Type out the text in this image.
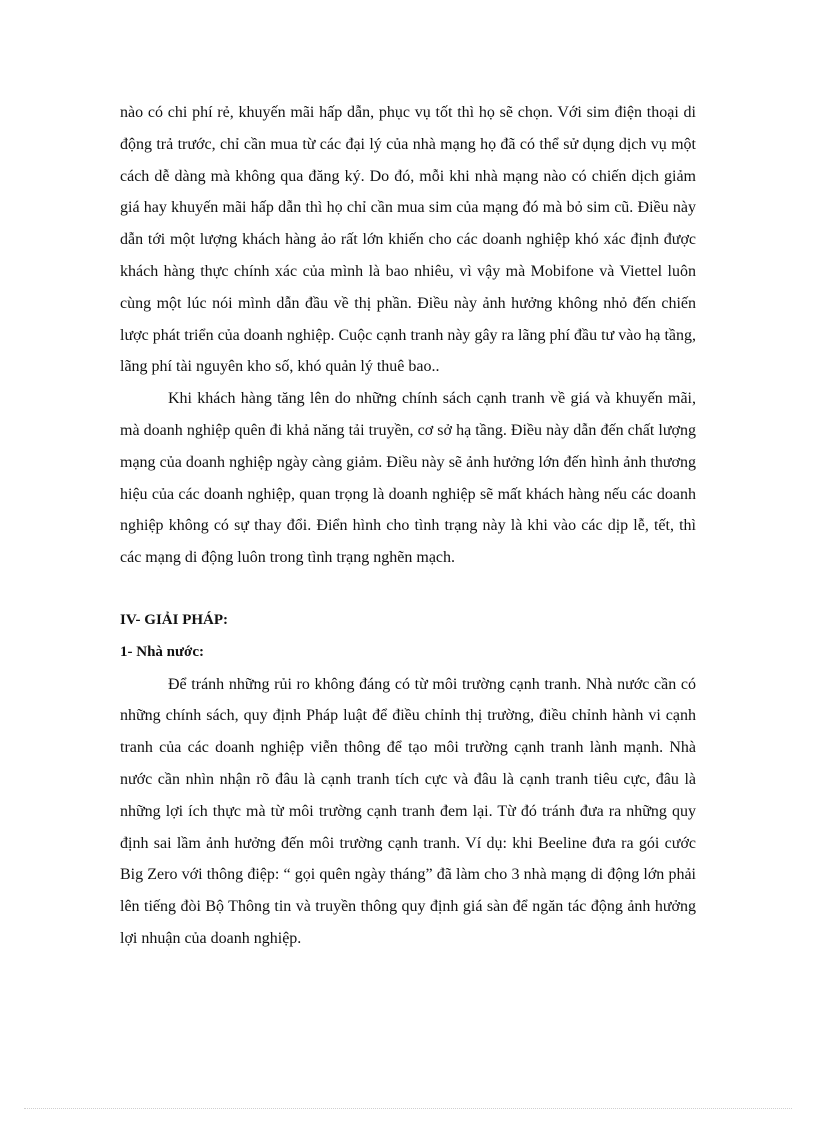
nào có chi phí rẻ, khuyến mãi hấp dẫn, phục vụ tốt thì họ sẽ chọn. Với sim điện thoại di động trả trước, chỉ cần mua từ các đại lý của nhà mạng họ đã có thể sử dụng dịch vụ một cách dễ dàng mà không qua đăng ký. Do đó, mỗi khi nhà mạng nào có chiến dịch giảm giá hay khuyến mãi hấp dẫn thì họ chỉ cần mua sim của mạng đó mà bỏ sim cũ. Điều này dẫn tới một lượng khách hàng ảo rất lớn khiến cho các doanh nghiệp khó xác định được khách hàng thực chính xác của mình là bao nhiêu, vì vậy mà Mobifone và Viettel luôn cùng một lúc nói mình dẫn đầu về thị phần. Điều này ảnh hưởng không nhỏ đến chiến lược phát triển của doanh nghiệp. Cuộc cạnh tranh này gây ra lãng phí đầu tư vào hạ tầng, lãng phí tài nguyên kho số, khó quản lý thuê bao..

Khi khách hàng tăng lên do những chính sách cạnh tranh về giá và khuyến mãi, mà doanh nghiệp quên đi khả năng tải truyền, cơ sở hạ tầng. Điều này dẫn đến chất lượng mạng của doanh nghiệp ngày càng giảm. Điều này sẽ ảnh hưởng lớn đến hình ảnh thương hiệu của các doanh nghiệp, quan trọng là doanh nghiệp sẽ mất khách hàng nếu các doanh nghiệp không có sự thay đổi. Điển hình cho tình trạng này là khi vào các dịp lễ, tết, thì các mạng di động luôn trong tình trạng nghẽn mạch.

IV- GIẢI PHÁP:

1- Nhà nước:

Để tránh những rủi ro không đáng có từ môi trường cạnh tranh. Nhà nước cần có những chính sách, quy định Pháp luật để điều chỉnh thị trường, điều chỉnh hành vi cạnh tranh của các doanh nghiệp viễn thông để tạo môi trường cạnh tranh lành mạnh. Nhà nước cần nhìn nhận rõ đâu là cạnh tranh tích cực và đâu là cạnh tranh tiêu cực, đâu là những lợi ích thực mà từ môi trường cạnh tranh đem lại. Từ đó tránh đưa ra những quy định sai lầm ảnh hưởng đến môi trường cạnh tranh. Ví dụ: khi Beeline đưa ra gói cước Big Zero với thông điệp: “ gọi quên ngày tháng” đã làm cho 3 nhà mạng di động lớn phải lên tiếng đòi Bộ Thông tin và truyền thông quy định giá sàn để ngăn tác động ảnh hưởng lợi nhuận của doanh nghiệp.
